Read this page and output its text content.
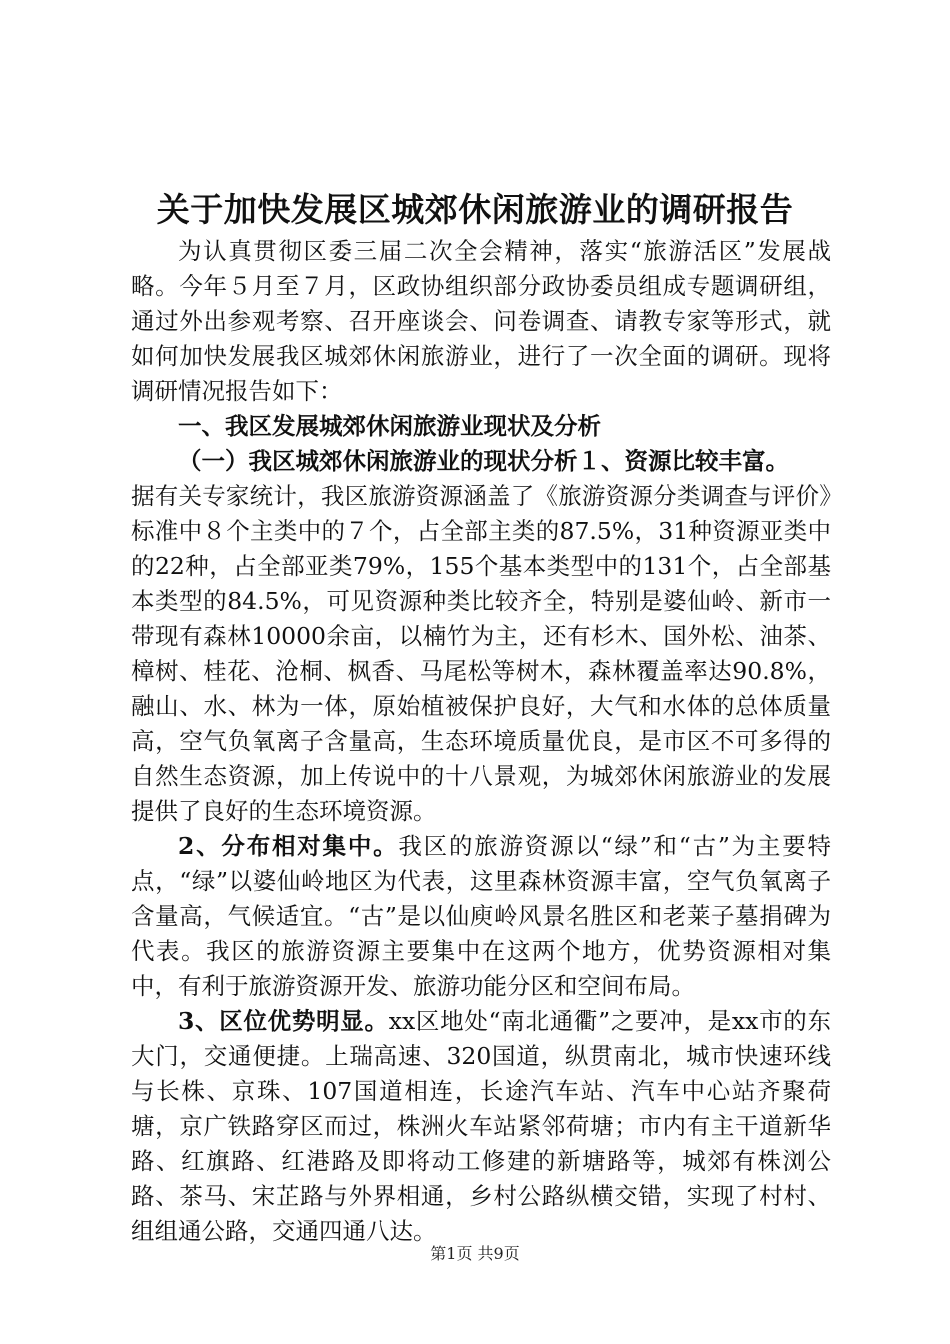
关于加快发展区城郊休闲旅游业的调研报告

为认真贯彻区委三届二次全会精神，落实“旅游活区”发展战略。今年５月至７月，区政协组织部分政协委员组成专题调研组，通过外出参观考察、召开座谈会、问卷调查、请教专家等形式，就如何加快发展我区城郊休闲旅游业，进行了一次全面的调研。现将调研情况报告如下：

一、我区发展城郊休闲旅游业现状及分析

（一）我区城郊休闲旅游业的现状分析１、资源比较丰富。

据有关专家统计，我区旅游资源涵盖了《旅游资源分类调查与评价》标准中８个主类中的７个，占全部主类的87.5%，31种资源亚类中的22种，占全部亚类79%，155个基本类型中的131个，占全部基本类型的84.5%，可见资源种类比较齐全，特别是婆仙岭、新市一带现有森林10000余亩，以楠竹为主，还有杉木、国外松、油茶、樟树、桂花、沧桐、枫香、马尾松等树木，森林覆盖率达90.8%，融山、水、林为一体，原始植被保护良好，大气和水体的总体质量高，空气负氧离子含量高，生态环境质量优良，是市区不可多得的自然生态资源，加上传说中的十八景观，为城郊休闲旅游业的发展提供了良好的生态环境资源。

2、分布相对集中。我区的旅游资源以“绿”和“古”为主要特点，“绿”以婆仙岭地区为代表，这里森林资源丰富，空气负氧离子含量高，气候适宜。“古”是以仙庾岭风景名胜区和老莱子墓捐碑为代表。我区的旅游资源主要集中在这两个地方，优势资源相对集中，有利于旅游资源开发、旅游功能分区和空间布局。

3、区位优势明显。xx区地处“南北通衢”之要冲，是xx市的东大门，交通便捷。上瑞高速、320国道，纵贯南北，城市快速环线与长株、京珠、107国道相连，长途汽车站、汽车中心站齐聚荷塘，京广铁路穿区而过，株洲火车站紧邻荷塘；市内有主干道新华路、红旗路、红港路及即将动工修建的新塘路等，城郊有株浏公路、茶马、宋芷路与外界相通，乡村公路纵横交错，实现了村村、组组通公路，交通四通八达。

第1页 共9页
